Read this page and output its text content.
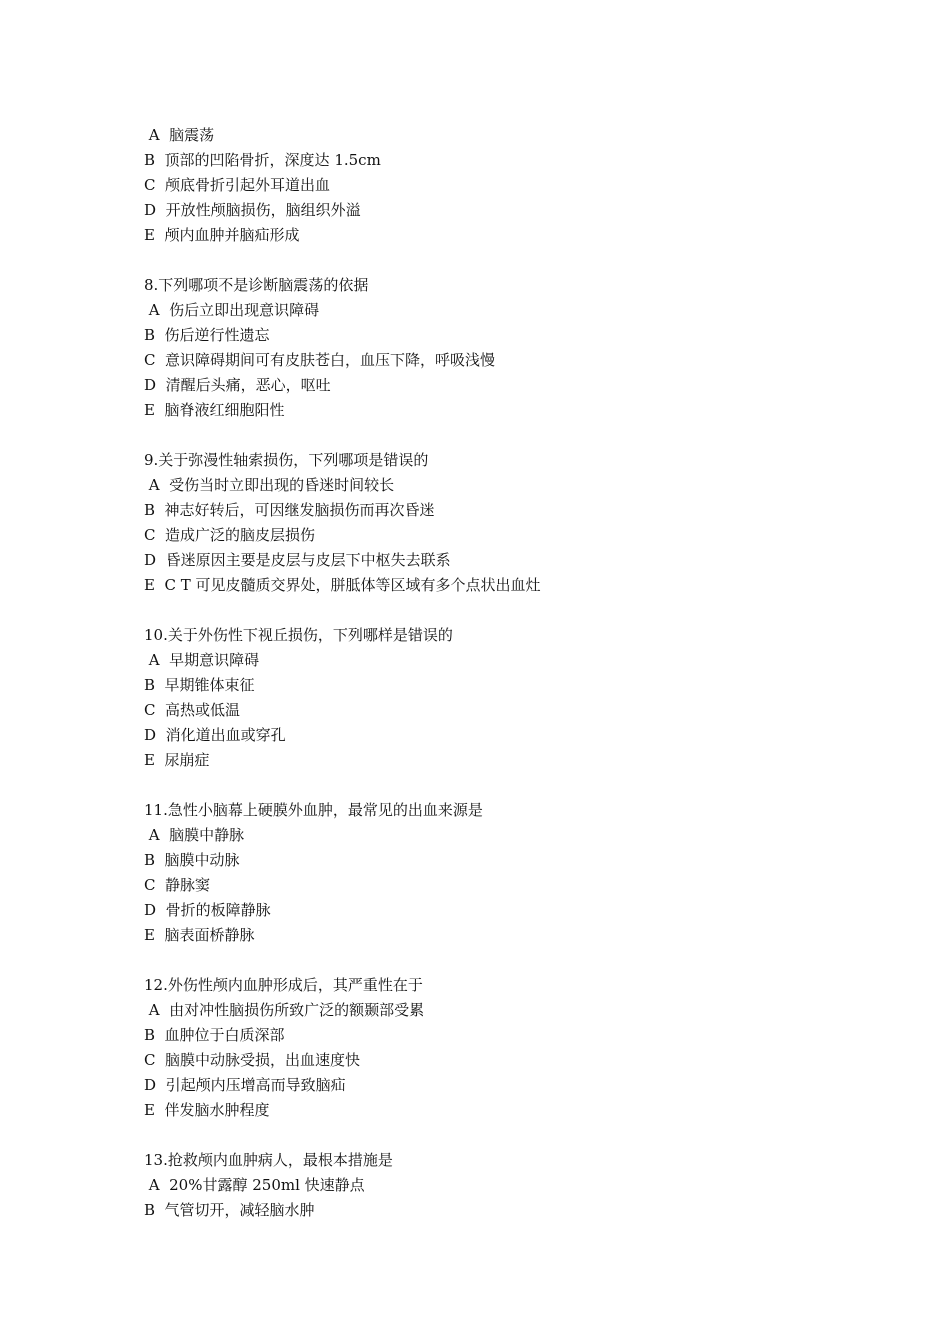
A  脑震荡
B  顶部的凹陷骨折，深度达 1.5cm
C  颅底骨折引起外耳道出血
D  开放性颅脑损伤，脑组织外溢
E  颅内血肿并脑疝形成
8.下列哪项不是诊断脑震荡的依据
A  伤后立即出现意识障碍
B  伤后逆行性遗忘
C  意识障碍期间可有皮肤苍白，血压下降，呼吸浅慢
D  清醒后头痛，恶心，呕吐
E  脑脊液红细胞阳性
9.关于弥漫性轴索损伤，下列哪项是错误的
A  受伤当时立即出现的昏迷时间较长
B  神志好转后，可因继发脑损伤而再次昏迷
C  造成广泛的脑皮层损伤
D  昏迷原因主要是皮层与皮层下中枢失去联系
E  C T 可见皮髓质交界处，胼胝体等区域有多个点状出血灶
10.关于外伤性下视丘损伤，下列哪样是错误的
A  早期意识障碍
B  早期锥体束征
C  高热或低温
D  消化道出血或穿孔
E  尿崩症
11.急性小脑幕上硬膜外血肿，最常见的出血来源是
A  脑膜中静脉
B  脑膜中动脉
C  静脉窦
D  骨折的板障静脉
E  脑表面桥静脉
12.外伤性颅内血肿形成后，其严重性在于
A  由对冲性脑损伤所致广泛的额颞部受累
B  血肿位于白质深部
C  脑膜中动脉受损，出血速度快
D  引起颅内压增高而导致脑疝
E  伴发脑水肿程度
13.抢救颅内血肿病人，最根本措施是
A  20%甘露醇 250ml 快速静点
B  气管切开，减轻脑水肿
